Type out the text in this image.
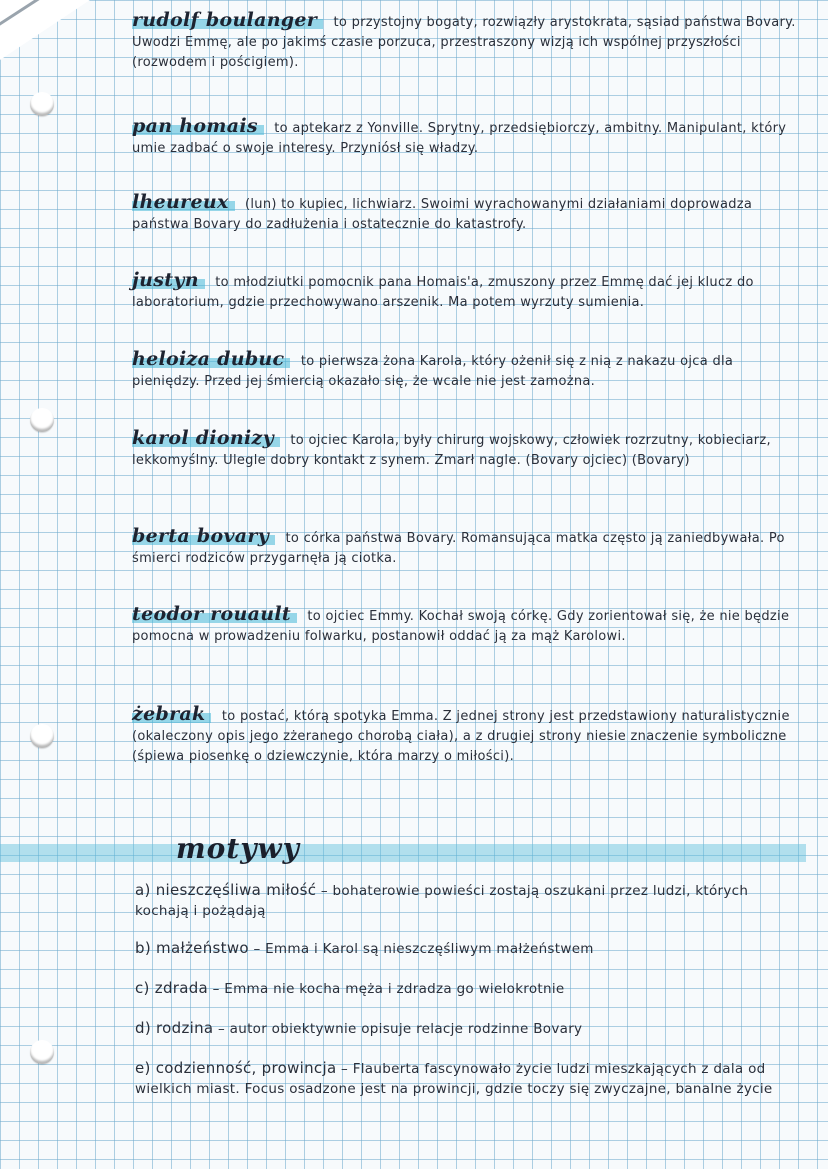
rudolf boulanger to przystojny bogaty, rozwiązły arystokrata, sąsiad państwa Bovary. Uwodzi Emmę, ale po jakimś czasie porzuca, przestraszony wizją ich wspólnej przyszłości (rozwodem i pościgiem).
pan homais to aptekarz z Yonville. Sprytny, przedsiębiorczy, ambitny. Manipulant, który umie zadbać o swoje interesy. Przyniósł się władzy.
lheureux (lun) to kupiec, lichwiarz. Swoimi wyrachowanymi działaniami doprowadza państwa Bovary do zadłużenia i ostatecznie do katastrofy.
justyn to młodziutki pomocnik pana Homais'a, zmuszony przez Emmę dać jej klucz do laboratorium, gdzie przechowywano arszenik. Ma potem wyrzuty sumienia.
heloiza dubuc to pierwsza żona Karola, który ożenił się z nią z nakazu ojca dla pieniędzy. Przed jej śmiercią okazało się, że wcale nie jest zamożna.
karol dionizy to ojciec Karola, były chirurg wojskowy, człowiek rozrzutny, kobieciarz, lekkomyślny. Ulegle dobry kontakt z synem. Zmarł nagle. (Bovary ojciec) (Bovary)
berta bovary to córka państwa Bovary. Romansująca matka często ją zaniedbywała. Po śmierci rodziców przygarnęła ją ciotka.
teodor rouault to ojciec Emmy. Kochał swoją córkę. Gdy zorientował się, że nie będzie pomocna w prowadzeniu folwarku, postanowił oddać ją za mąż Karolowi.
żebrak to postać, którą spotyka Emma. Z jednej strony jest przedstawiony naturalistycznie (okaleczony opis jego zżeranego chorobą ciała), a z drugiej strony niesie znaczenie symboliczne (śpiewa piosenkę o dziewczynie, która marzy o miłości).
motywy
a) nieszczęśliwa miłość – bohaterowie powieści zostają oszukani przez ludzi, których kochają i pożądają
b) małżeństwo – Emma i Karol są nieszczęśliwym małżeństwem
c) zdrada – Emma nie kocha męża i zdradza go wielokrotnie
d) rodzina – autor obiektywnie opisuje relacje rodzinne Bovary
e) codzienność, prowincja – Flauberta fascynowało życie ludzi mieszkających z dala od wielkich miast. Focus osadzone jest na prowincji, gdzie toczy się zwyczajne, banalne życie
